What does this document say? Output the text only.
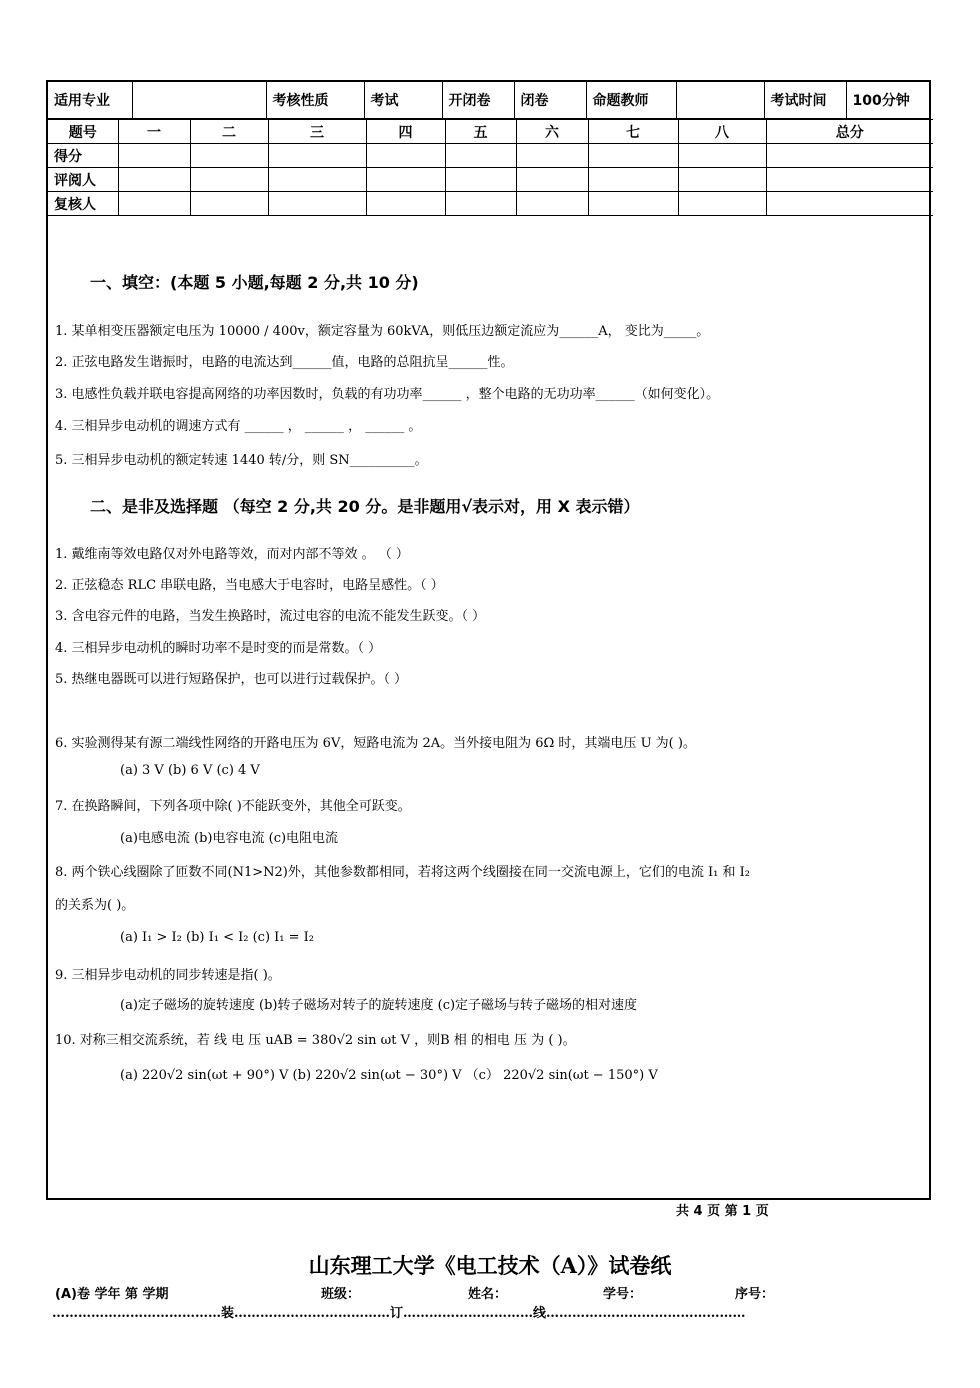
适用专业		考核性质	考试	开闭卷	闭卷	命题教师		考试时间	100分钟
题号	一	二	三	四	五	六	七	八	总分
得分									
评阅人									
复核人									
一、填空：(本题 5 小题,每题 2 分,共 10 分)
1. 某单相变压器额定电压为 10000 / 400v，额定容量为 60kVA，则低压边额定流应为______A， 变比为_____。
2. 正弦电路发生谐振时，电路的电流达到______值，电路的总阻抗呈______性。
3. 电感性负载并联电容提高网络的功率因数时，负载的有功功率______ ，整个电路的无功功率______（如何变化）。
4. 三相异步电动机的调速方式有 ______ ， ______ ， ______ 。
5. 三相异步电动机的额定转速 1440 转/分，则 SN__________。
二、是非及选择题 （每空 2 分,共 20 分。是非题用√表示对，用 X 表示错）
1. 戴维南等效电路仅对外电路等效，而对内部不等效 。 （ ）
2. 正弦稳态 RLC 串联电路，当电感大于电容时，电路呈感性。（ ）
3. 含电容元件的电路，当发生换路时，流过电容的电流不能发生跃变。（ ）
4. 三相异步电动机的瞬时功率不是时变的而是常数。（ ）
5. 热继电器既可以进行短路保护，也可以进行过载保护。（ ）
6. 实验测得某有源二端线性网络的开路电压为 6V，短路电流为 2A。当外接电阻为 6Ω 时，其端电压 U 为( )。
(a) 3 V (b) 6 V (c) 4 V
7. 在换路瞬间，下列各项中除( )不能跃变外，其他全可跃变。
(a)电感电流 (b)电容电流 (c)电阻电流
8. 两个铁心线圈除了匝数不同(N1>N2)外，其他参数都相同，若将这两个线圈接在同一交流电源上，它们的电流 I₁ 和 I₂
的关系为( )。
(a) I₁ > I₂ (b) I₁ < I₂ (c) I₁ = I₂
9. 三相异步电动机的同步转速是指( )。
(a)定子磁场的旋转速度 (b)转子磁场对转子的旋转速度 (c)定子磁场与转子磁场的相对速度
10. 对称三相交流系统，若 线 电 压 uAB = 380√2 sin ωt V ，则B 相 的相电 压 为 ( )。
(a) 220√2 sin(ωt + 90°) V (b) 220√2 sin(ωt − 30°) V （c） 220√2 sin(ωt − 150°) V
共 4 页 第 1 页
山东理工大学《电工技术（A）》试卷纸
(A)卷 学年 第 学期	班级：	姓名：	学号：	序号：
…………………………………装………………………………订…………………………线………….……………………………
